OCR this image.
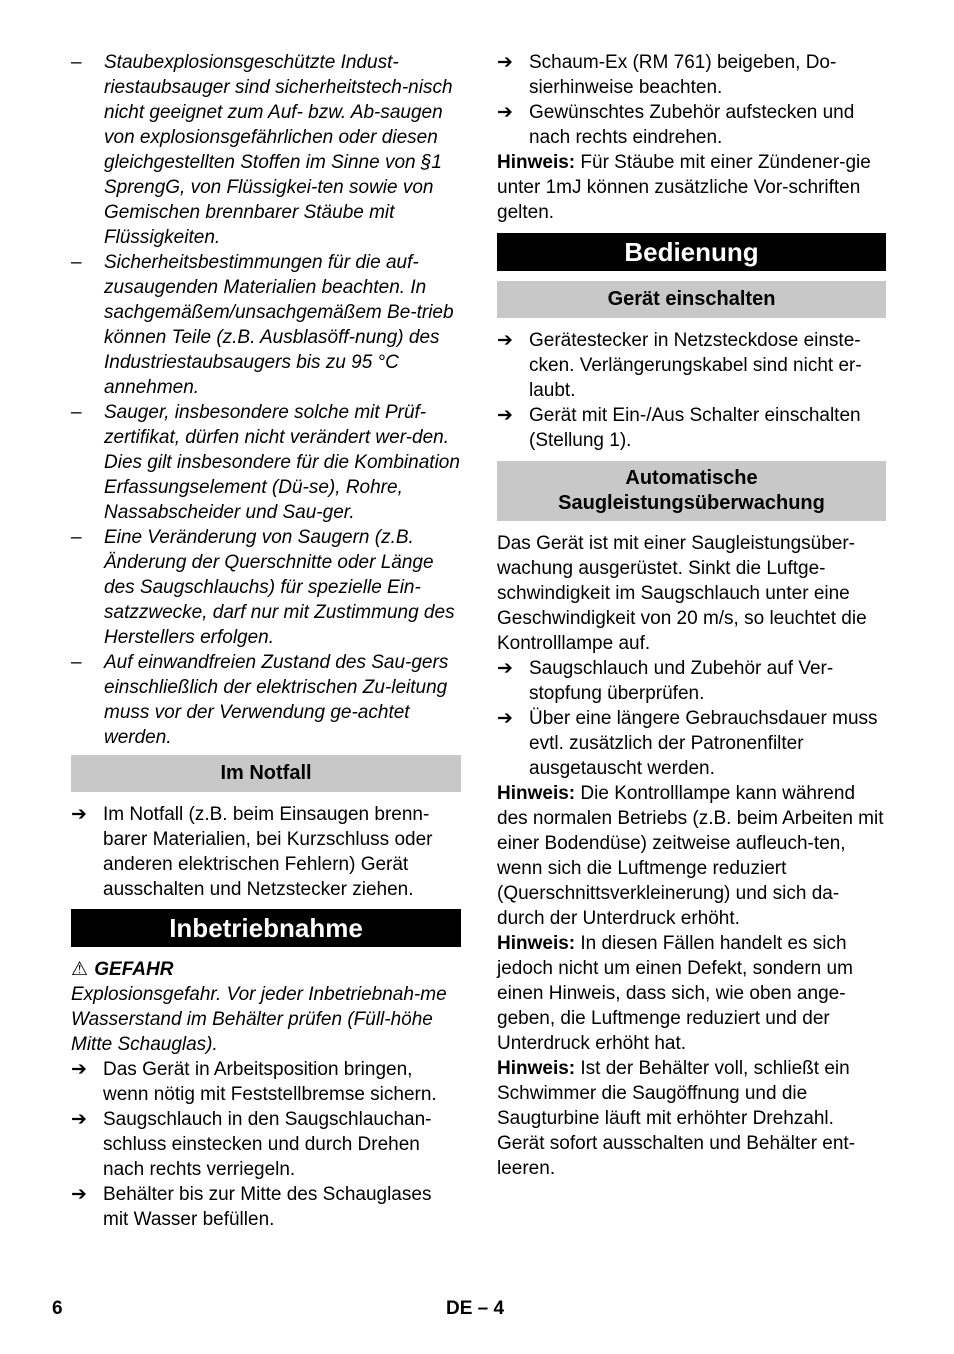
– Staubexplosionsgeschützte Indust-riestaubsauger sind sicherheitstech-nisch nicht geeignet zum Auf- bzw. Ab-saugen von explosionsgefährlichen oder diesen gleichgestellten Stoffen im Sinne von §1 SprengG, von Flüssigkei-ten sowie von Gemischen brennbarer Stäube mit Flüssigkeiten.
– Sicherheitsbestimmungen für die auf-zusaugenden Materialien beachten. In sachgemäßem/unsachgemäßem Be-trieb können Teile (z.B. Ausblasöff-nung) des Industriestaubsaugers bis zu 95 °C annehmen.
– Sauger, insbesondere solche mit Prüf-zertifikat, dürfen nicht verändert wer-den. Dies gilt insbesondere für die Kombination Erfassungselement (Dü-se), Rohre, Nassabscheider und Sau-ger.
– Eine Veränderung von Saugern (z.B. Änderung der Querschnitte oder Länge des Saugschlauchs) für spezielle Ein-satzzwecke, darf nur mit Zustimmung des Herstellers erfolgen.
– Auf einwandfreien Zustand des Sau-gers einschließlich der elektrischen Zu-leitung muss vor der Verwendung ge-achtet werden.
Im Notfall
➔ Im Notfall (z.B. beim Einsaugen brenn-barer Materialien, bei Kurzschluss oder anderen elektrischen Fehlern) Gerät ausschalten und Netzstecker ziehen.
Inbetriebnahme

⚠ GEFAHR

Explosionsgefahr. Vor jeder Inbetriebnah-me Wasserstand im Behälter prüfen (Füll-höhe Mitte Schauglas).

➔ Das Gerät in Arbeitsposition bringen, wenn nötig mit Feststellbremse sichern.
➔ Saugschlauch in den Saugschlauchan-schluss einstecken und durch Drehen nach rechts verriegeln.
➔ Behälter bis zur Mitte des Schauglases mit Wasser befüllen.
➔ Schaum-Ex (RM 761) beigeben, Do-sierhinweise beachten.
➔ Gewünschtes Zubehör aufstecken und nach rechts eindrehen.

Hinweis: Für Stäube mit einer Zündener-gie unter 1mJ können zusätzliche Vor-schriften gelten.

Bedienung
Gerät einschalten
➔ Gerätestecker in Netzsteckdose einste-cken. Verlängerungskabel sind nicht er-laubt.
➔ Gerät mit Ein-/Aus Schalter einschalten (Stellung 1).
Automatische
Saugleistungsüberwachung

Das Gerät ist mit einer Saugleistungsüber-wachung ausgerüstet. Sinkt die Luftge-schwindigkeit im Saugschlauch unter eine Geschwindigkeit von 20 m/s, so leuchtet die Kontrolllampe auf.

➔ Saugschlauch und Zubehör auf Ver-stopfung überprüfen.
➔ Über eine längere Gebrauchsdauer muss evtl. zusätzlich der Patronenfilter ausgetauscht werden.

Hinweis: Die Kontrolllampe kann während des normalen Betriebs (z.B. beim Arbeiten mit einer Bodendüse) zeitweise aufleuch-ten, wenn sich die Luftmenge reduziert (Querschnittsverkleinerung) und sich da-durch der Unterdruck erhöht.

Hinweis: In diesen Fällen handelt es sich jedoch nicht um einen Defekt, sondern um einen Hinweis, dass sich, wie oben ange-geben, die Luftmenge reduziert und der Unterdruck erhöht hat.

Hinweis: Ist der Behälter voll, schließt ein Schwimmer die Saugöffnung und die Saugturbine läuft mit erhöhter Drehzahl. Gerät sofort ausschalten und Behälter ent-leeren.

6	DE – 4
